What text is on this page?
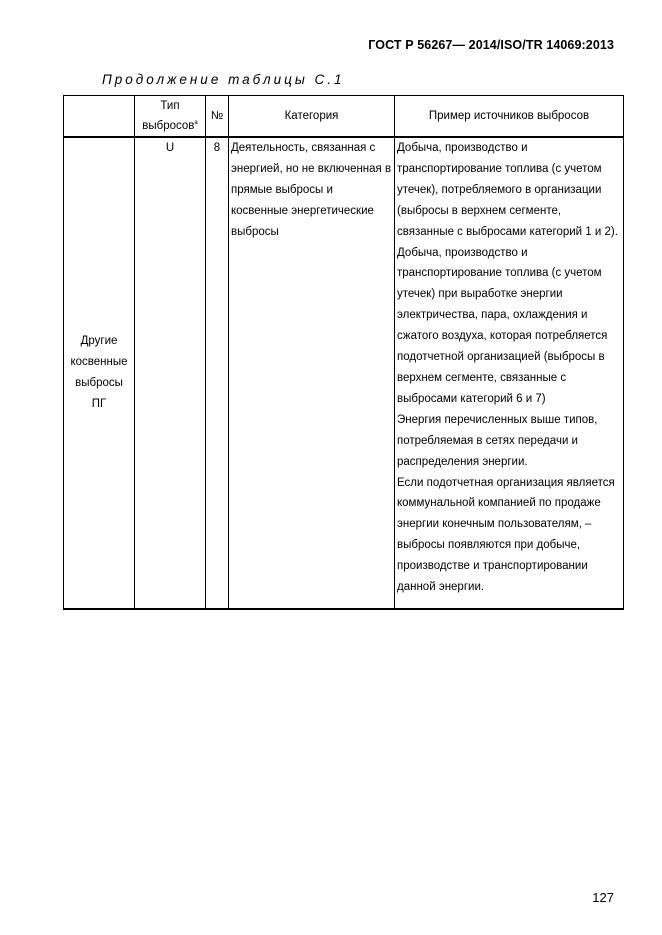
ГОСТ Р 56267— 2014/ISO/TR 14069:2013
Продолжение таблицы С.1

	Тип
выбросов$^а$	№	Категория	Пример источников выбросов

Другие косвенные выбросы ПГ	U	8	Деятельность, связанная с энергией, но не включенная в прямые выбросы и косвенные энергетические выбросы	Добыча, производство и транспортирование топлива (с учетом утечек), потребляемого в организации (выбросы в верхнем сегменте, связанные с выбросами категорий 1 и 2).
Добыча, производство и транспортирование топлива (с учетом утечек) при выработке энергии электричества, пара, охлаждения и сжатого воздуха, которая потребляется подотчетной организацией (выбросы в верхнем сегменте, связанные с выбросами категорий 6 и 7)
Энергия перечисленных выше типов, потребляемая в сетях передачи и распределения энергии.
Если подотчетная организация является коммунальной компанией по продаже энергии конечным пользователям, – выбросы появляются при добыче, производстве и транспортировании данной энергии.
127
